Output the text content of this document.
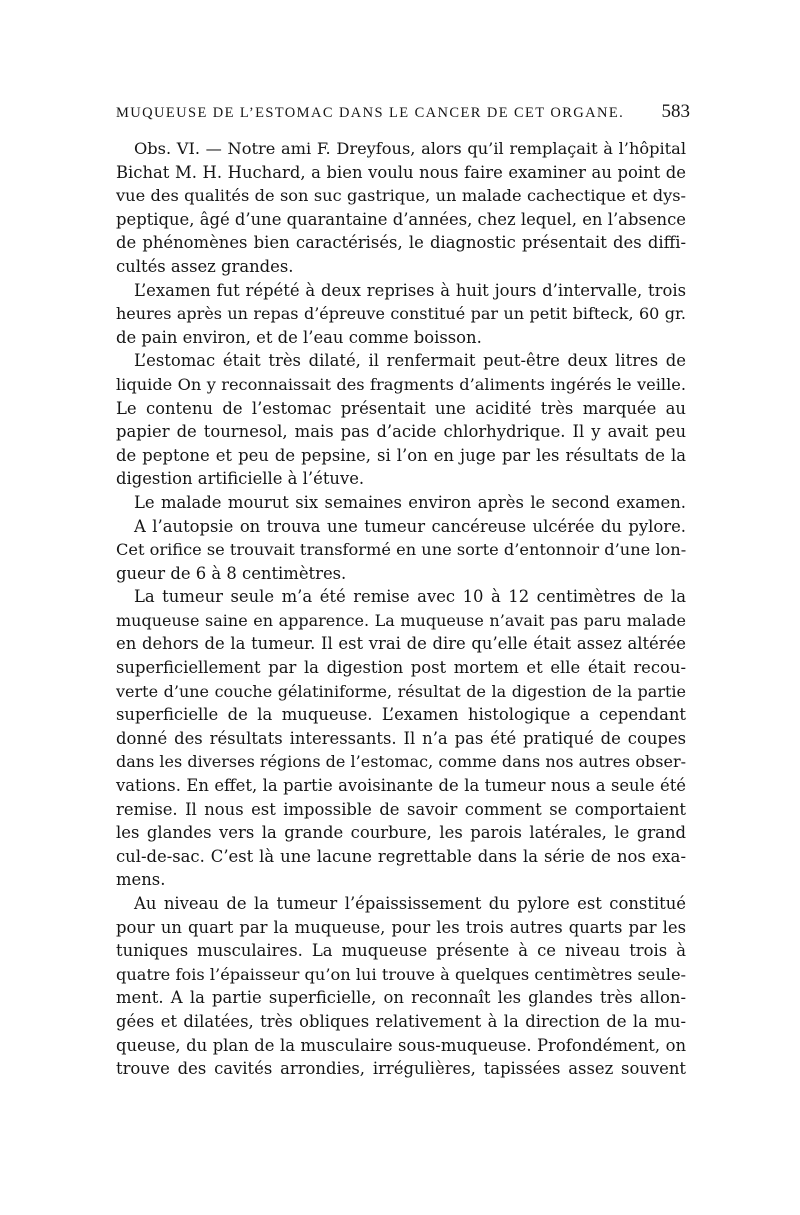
MUQUEUSE DE L’ESTOMAC DANS LE CANCER DE CET ORGANE. 583
Obs. VI. — Notre ami F. Dreyfous, alors qu’il remplaçait à l’hôpital
Bichat M. H. Huchard, a bien voulu nous faire examiner au point de
vue des qualités de son suc gastrique, un malade cachectique et dys-
peptique, âgé d’une quarantaine d’années, chez lequel, en l’absence
de phénomènes bien caractérisés, le diagnostic présentait des diffi-
cultés assez grandes.
L’examen fut répété à deux reprises à huit jours d’intervalle, trois
heures après un repas d’épreuve constitué par un petit bifteck, 60 gr.
de pain environ, et de l’eau comme boisson.
L’estomac était très dilaté, il renfermait peut-être deux litres de
liquide On y reconnaissait des fragments d’aliments ingérés le veille.
Le contenu de l’estomac présentait une acidité très marquée au
papier de tournesol, mais pas d’acide chlorhydrique. Il y avait peu
de peptone et peu de pepsine, si l’on en juge par les résultats de la
digestion artificielle à l’étuve.
Le malade mourut six semaines environ après le second examen.
A l’autopsie on trouva une tumeur cancéreuse ulcérée du pylore.
Cet orifice se trouvait transformé en une sorte d’entonnoir d’une lon-
gueur de 6 à 8 centimètres.
La tumeur seule m’a été remise avec 10 à 12 centimètres de la
muqueuse saine en apparence. La muqueuse n’avait pas paru malade
en dehors de la tumeur. Il est vrai de dire qu’elle était assez altérée
superficiellement par la digestion post mortem et elle était recou-
verte d’une couche gélatiniforme, résultat de la digestion de la partie
superficielle de la muqueuse. L’examen histologique a cependant
donné des résultats interessants. Il n’a pas été pratiqué de coupes
dans les diverses régions de l’estomac, comme dans nos autres obser-
vations. En effet, la partie avoisinante de la tumeur nous a seule été
remise. Il nous est impossible de savoir comment se comportaient
les glandes vers la grande courbure, les parois latérales, le grand
cul-de-sac. C’est là une lacune regrettable dans la série de nos exa-
mens.
Au niveau de la tumeur l’épaississement du pylore est constitué
pour un quart par la muqueuse, pour les trois autres quarts par les
tuniques musculaires. La muqueuse présente à ce niveau trois à
quatre fois l’épaisseur qu’on lui trouve à quelques centimètres seule-
ment. A la partie superficielle, on reconnaît les glandes très allon-
gées et dilatées, très obliques relativement à la direction de la mu-
queuse, du plan de la musculaire sous-muqueuse. Profondément, on
trouve des cavités arrondies, irrégulières, tapissées assez souvent
